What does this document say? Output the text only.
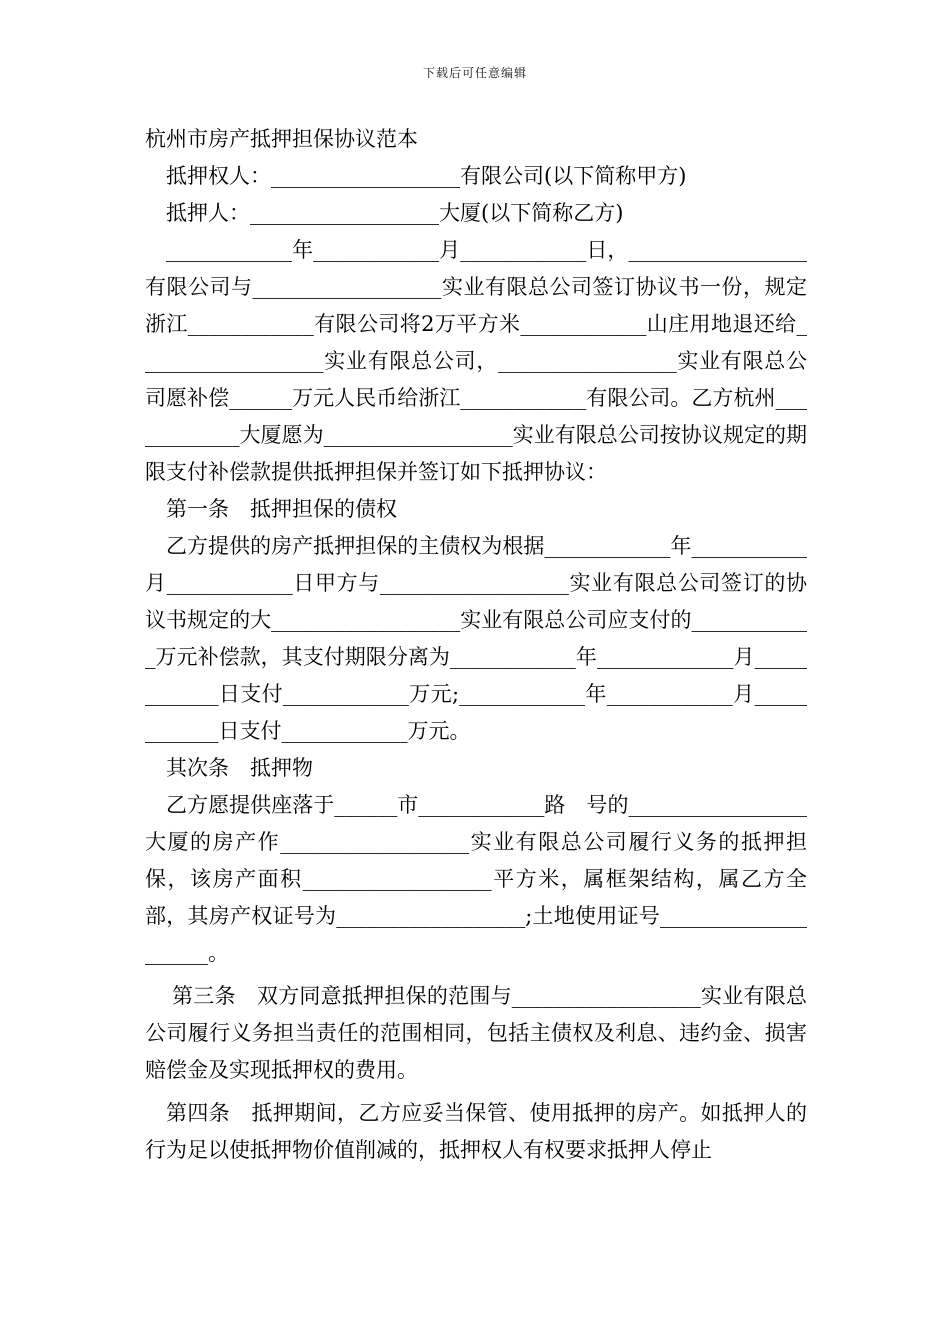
下载后可任意编辑

杭州市房产抵押担保协议范本

抵押权人：__________________有限公司(以下简称甲方)

抵押人：__________________大厦(以下简称乙方)

____________年____________月____________日，_________________有限公司与__________________实业有限总公司签订协议书一份，规定浙江____________有限公司将2万平方米____________山庄用地退还给__________________实业有限总公司，_________________实业有限总公司愿补偿______万元人民币给浙江____________有限公司。乙方杭州____________大厦愿为__________________实业有限总公司按协议规定的期限支付补偿款提供抵押担保并签订如下抵押协议：

第一条　抵押担保的债权

乙方提供的房产抵押担保的主债权为根据____________年___________月____________日甲方与__________________实业有限总公司签订的协议书规定的大__________________实业有限总公司应支付的____________万元补偿款，其支付期限分离为____________年_____________月____________日支付____________万元;____________年____________月____________日支付____________万元。

其次条　抵押物

乙方愿提供座落于______市____________路　号的_________________大厦的房产作__________________实业有限总公司履行义务的抵押担保，该房产面积__________________平方米，属框架结构，属乙方全部，其房产权证号为__________________;土地使用证号____________________。

第三条　双方同意抵押担保的范围与__________________实业有限总公司履行义务担当责任的范围相同，包括主债权及利息、违约金、损害赔偿金及实现抵押权的费用。

第四条　抵押期间，乙方应妥当保管、使用抵押的房产。如抵押人的行为足以使抵押物价值削减的，抵押权人有权要求抵押人停止
